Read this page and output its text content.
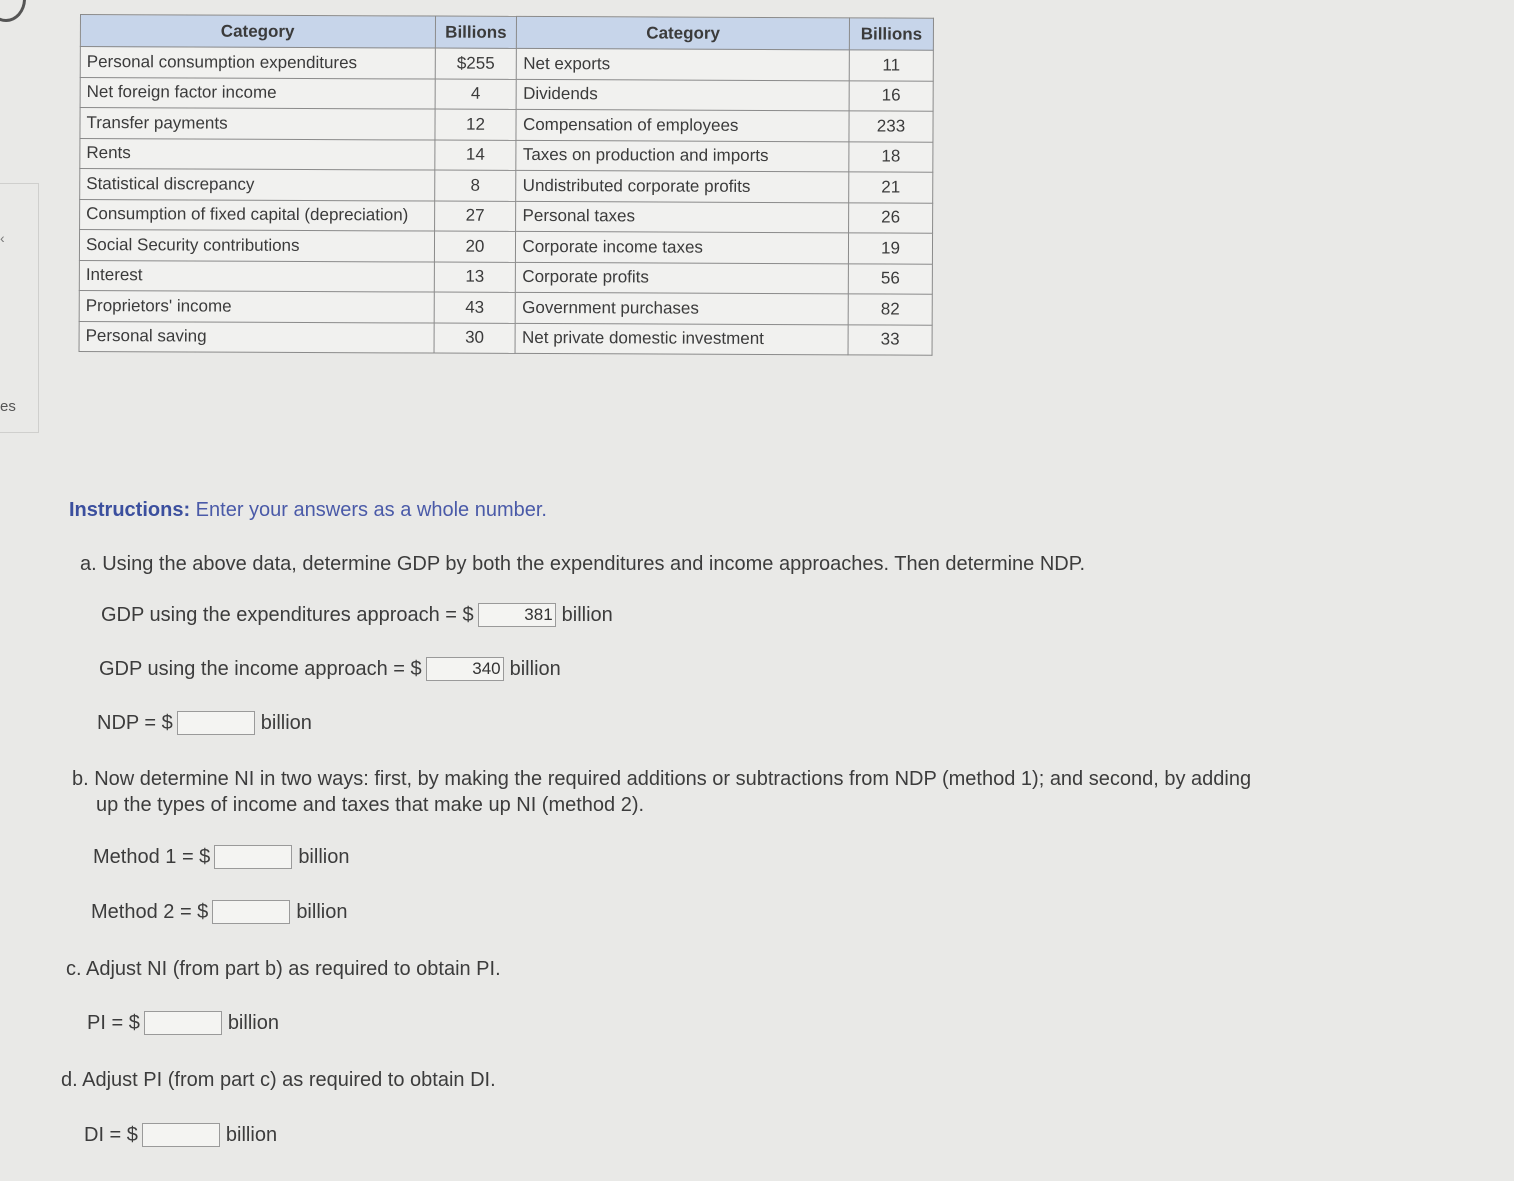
‹
es
Category	Billions	Category	Billions
Personal consumption expenditures	$255	Net exports	11
Net foreign factor income	4	Dividends	16
Transfer payments	12	Compensation of employees	233
Rents	14	Taxes on production and imports	18
Statistical discrepancy	8	Undistributed corporate profits	21
Consumption of fixed capital (depreciation)	27	Personal taxes	26
Social Security contributions	20	Corporate income taxes	19
Interest	13	Corporate profits	56
Proprietors' income	43	Government purchases	82
Personal saving	30	Net private domestic investment	33
Instructions: Enter your answers as a whole number.
a. Using the above data, determine GDP by both the expenditures and income approaches. Then determine NDP.
GDP using the expenditures approach = $
381	billion
GDP using the income approach = $
340	billion
NDP = $	billion
b. Now determine NI in two ways: first, by making the required additions or subtractions from NDP (method 1); and second, by adding
up the types of income and taxes that make up NI (method 2).
Method 1 = $	billion
Method 2 = $	billion
c. Adjust NI (from part b) as required to obtain PI.
PI = $	billion
d. Adjust PI (from part c) as required to obtain DI.
DI = $	billion
